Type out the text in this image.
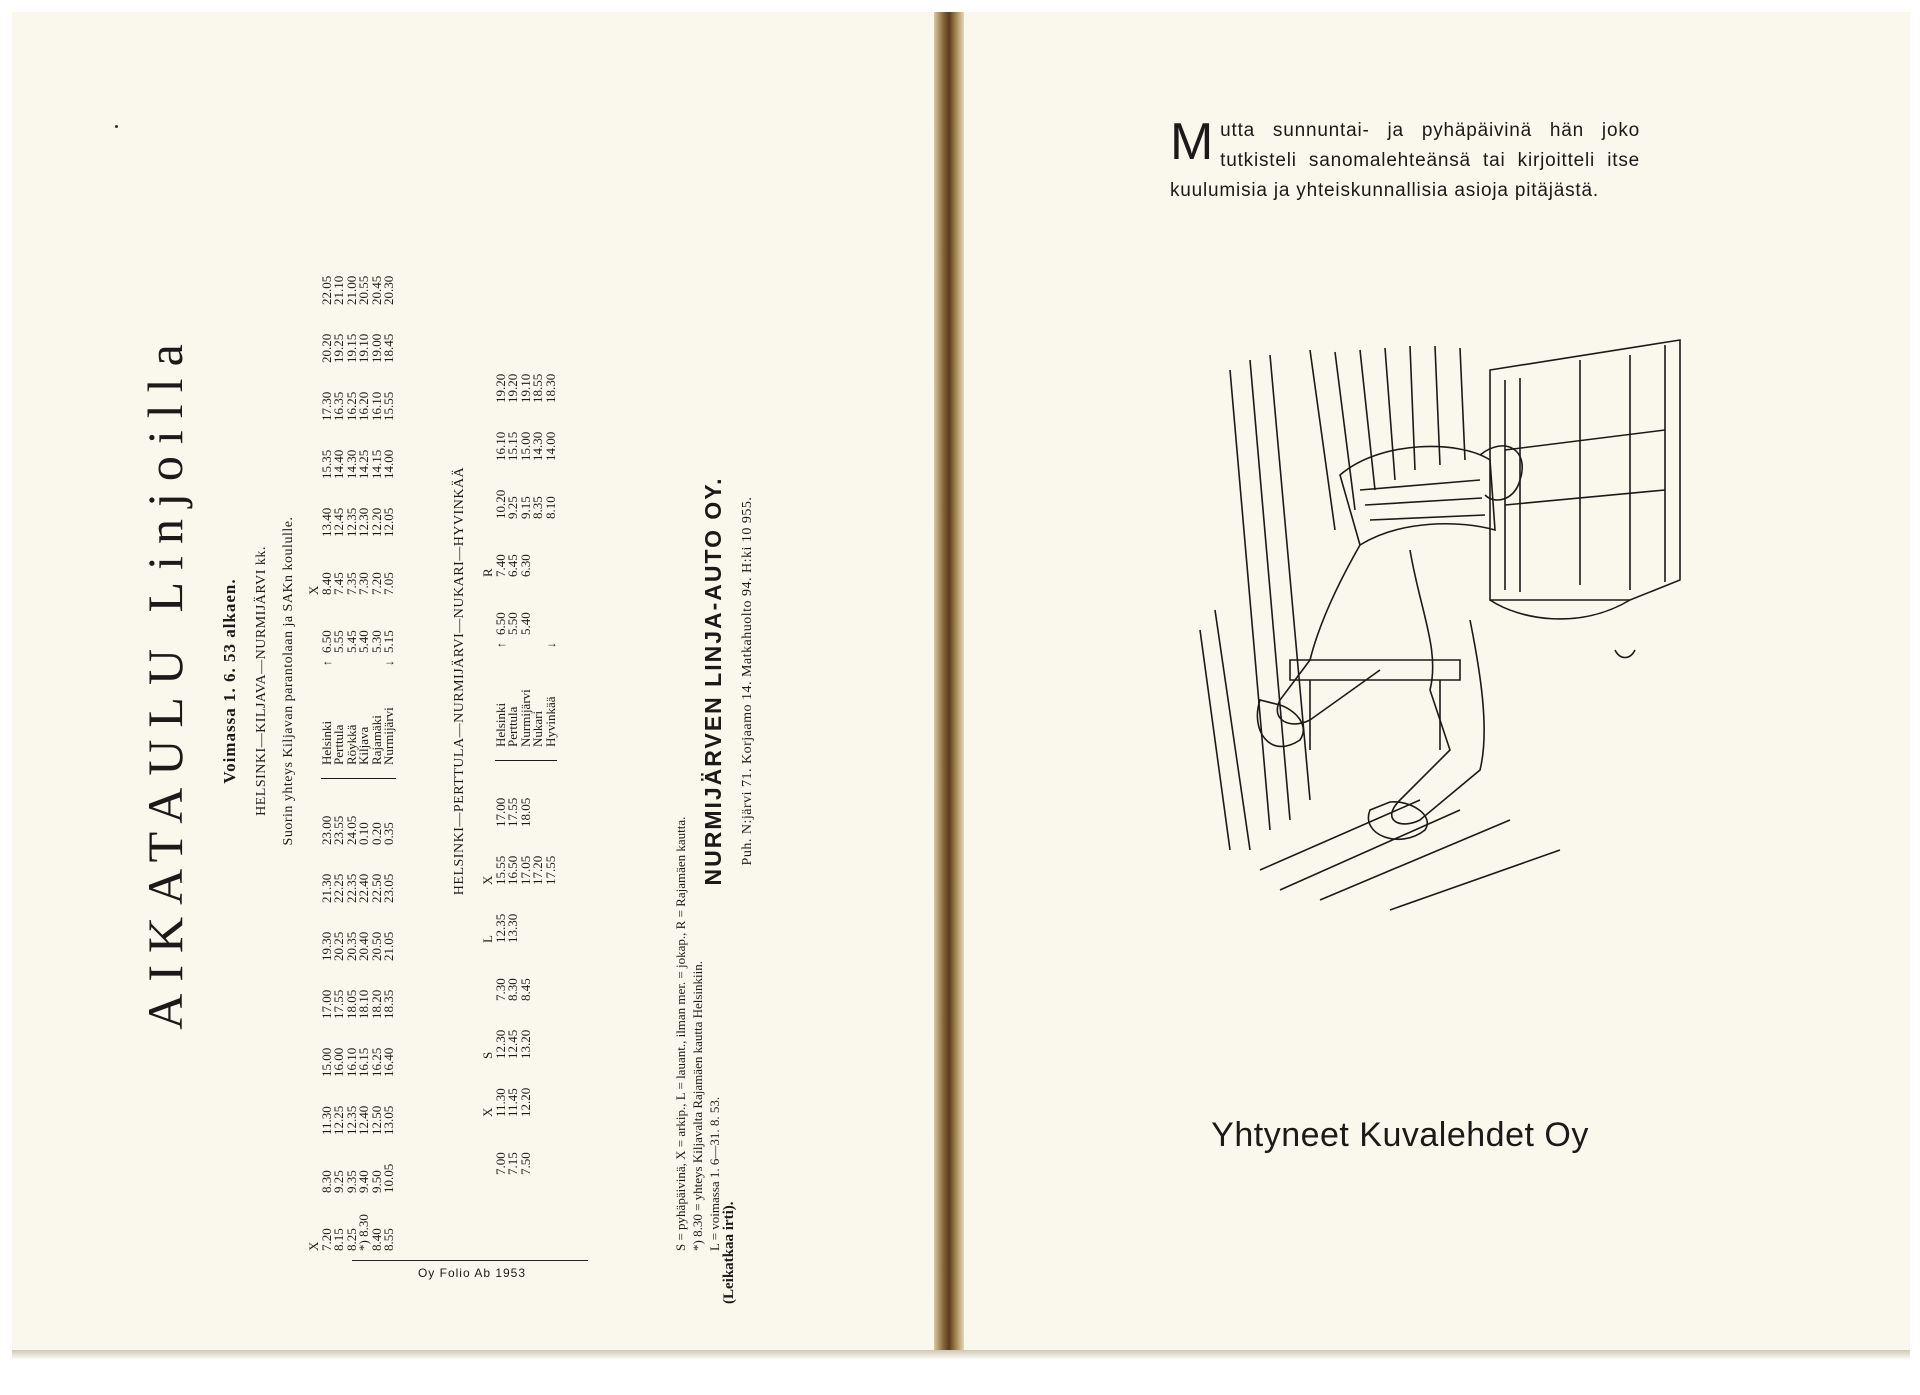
AIKATAULU Linjoilla Voimassa 1. 6. 53 alkaen. HELSINKI—KILJAVA—NURMIJÄRVI kk. Suorin yhteys Kiljavan parantolaan ja SAKn koululle.
X
X
7.20
8.30
11.30
15.00
17.00
19.30
21.30
23.00
Helsinki
↑
6.50
8.40
13.40
15.35
17.30
20.20
22.05
8.15
9.25
12.25
16.00
17.55
20.25
22.25
23.55
Perttula
5.55
7.45
12.45
14.40
16.35
19.25
21.10
8.25
9.35
12.35
16.10
18.05
20.35
22.35
24.05
Röykkä
5.45
7.35
12.35
14.30
16.25
19.15
21.00
*) 8.30
9.40
12.40
16.15
18.10
20.40
22.40
0.10
Kiljava
5.40
7.30
12.30
14.25
16.20
19.10
20.55
8.40
9.50
12.50
16.25
18.20
20.50
22.50
0.20
Rajamäki
5.30
7.20
12.20
14.15
16.10
19.00
20.45
8.55
10.05
13.05
16.40
18.35
21.05
23.05
0.35
Nurmijärvi
↓
5.15
7.05
12.05
14.00
15.55
18.45
20.30
HELSINKI—PERTTULA—NURMIJÄRVI—NUKARI—HYVINKÄÄ
X
S
L
X
R
7.00
11.30
12.30
7.30
12.35
15.55
17.00
Helsinki
↑
6.50
7.40
10.20
16.10
19.20
7.15
11.45
12.45
8.30
13.30
16.50
17.55
Perttula
5.50
6.45
9.25
15.15
19.20
7.50
12.20
13.20
8.45
17.05
18.05
Nurmijärvi
5.40
6.30
9.15
15.00
19.10
17.20
Nukari
8.35
14.30
18.55
17.55
Hyvinkää
↓
8.10
14.00
18.30
S = pyhäpäivinä, X = arkip., L = lauant., ilman mer. = jokap., R = Rajamäen kautta. *) 8.30 = yhteys Kiljavalta Rajamäen kautta Helsinkiin. L = voimassa 1. 6—31. 8. 53.
NURMIJÄRVEN LINJA-AUTO OY.
(Leikatkaa irti).
Puh. N:järvi 71. Korjaamo 14. Matkahuolto 94. H:ki 10 955.
Oy Folio Ab 1953
Mutta sunnuntai- ja pyhäpäivinä hän joko tutkisteli sanomalehteänsä tai kirjoitteli itse kuulumisia ja yhteiskunnallisia asioja pitäjästä.
Yhtyneet Kuvalehdet Oy
